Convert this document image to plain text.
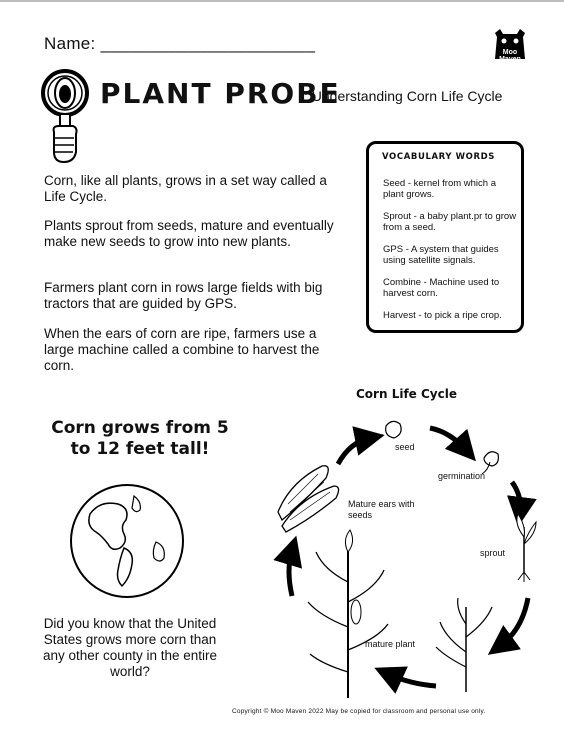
Name: ______________________	Moo Maven
PLANT PROBE
: Understanding Corn Life Cycle
Corn, like all plants, grows in a set way called a Life Cycle.
Plants sprout from seeds, mature and eventually make new seeds to grow into new plants.
Farmers plant corn in rows large fields with big tractors that are guided by GPS.
When the ears of corn are ripe, farmers use a large machine called a combine to harvest the corn.
VOCABULARY WORDS
Seed - kernel from which a plant grows.
Sprout - a baby plant.pr to grow from a seed.
GPS - A system that guides using satellite signals.
Combine - Machine used to harvest corn.
Harvest - to pick a ripe crop.
Corn grows from 5 to 12 feet tall!
Did you know that the United States grows more corn than any other county in the entire world?
Corn Life Cycle
seed
germination
sprout
mature plant
Mature ears with seeds
Copyright © Moo Maven 2022 May be copied for classroom and personal use only.
